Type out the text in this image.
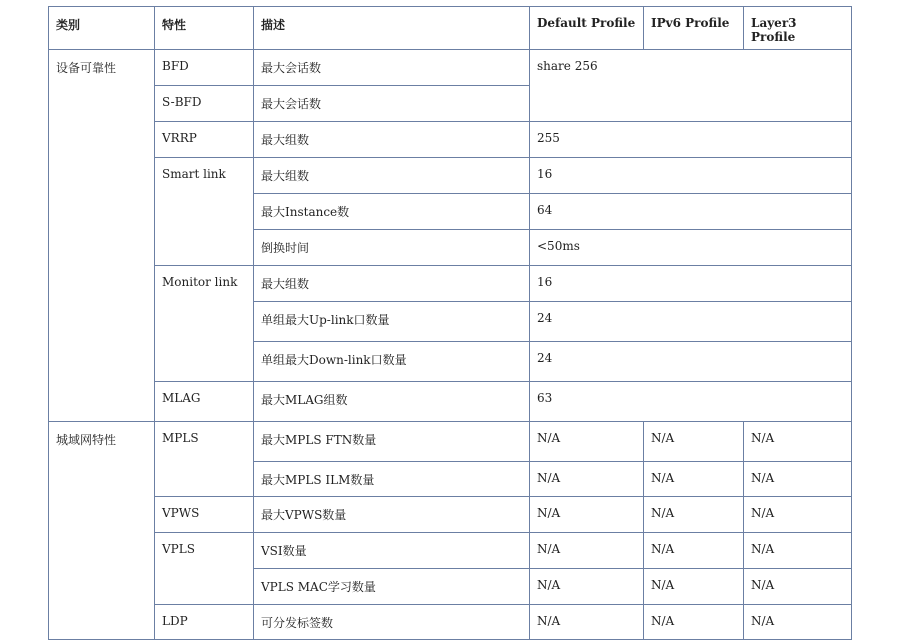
类别	特性	描述	Default Profile	IPv6 Profile	Layer3 Profile
设备可靠性	BFD	最大会话数	share 256		
	S-BFD	最大会话数			
	VRRP	最大组数	255		
	Smart link	最大组数	16		
		最大Instance数	64		
		倒换时间	<50ms		
	Monitor link	最大组数	16		
		单组最大Up-link口数量	24		
		单组最大Down-link口数量	24		
	MLAG	最大MLAG组数	63		
城域网特性	MPLS	最大MPLS FTN数量	N/A	N/A	N/A
		最大MPLS ILM数量	N/A	N/A	N/A
	VPWS	最大VPWS数量	N/A	N/A	N/A
	VPLS	VSI数量	N/A	N/A	N/A
		VPLS MAC学习数量	N/A	N/A	N/A
	LDP	可分发标签数	N/A	N/A	N/A
